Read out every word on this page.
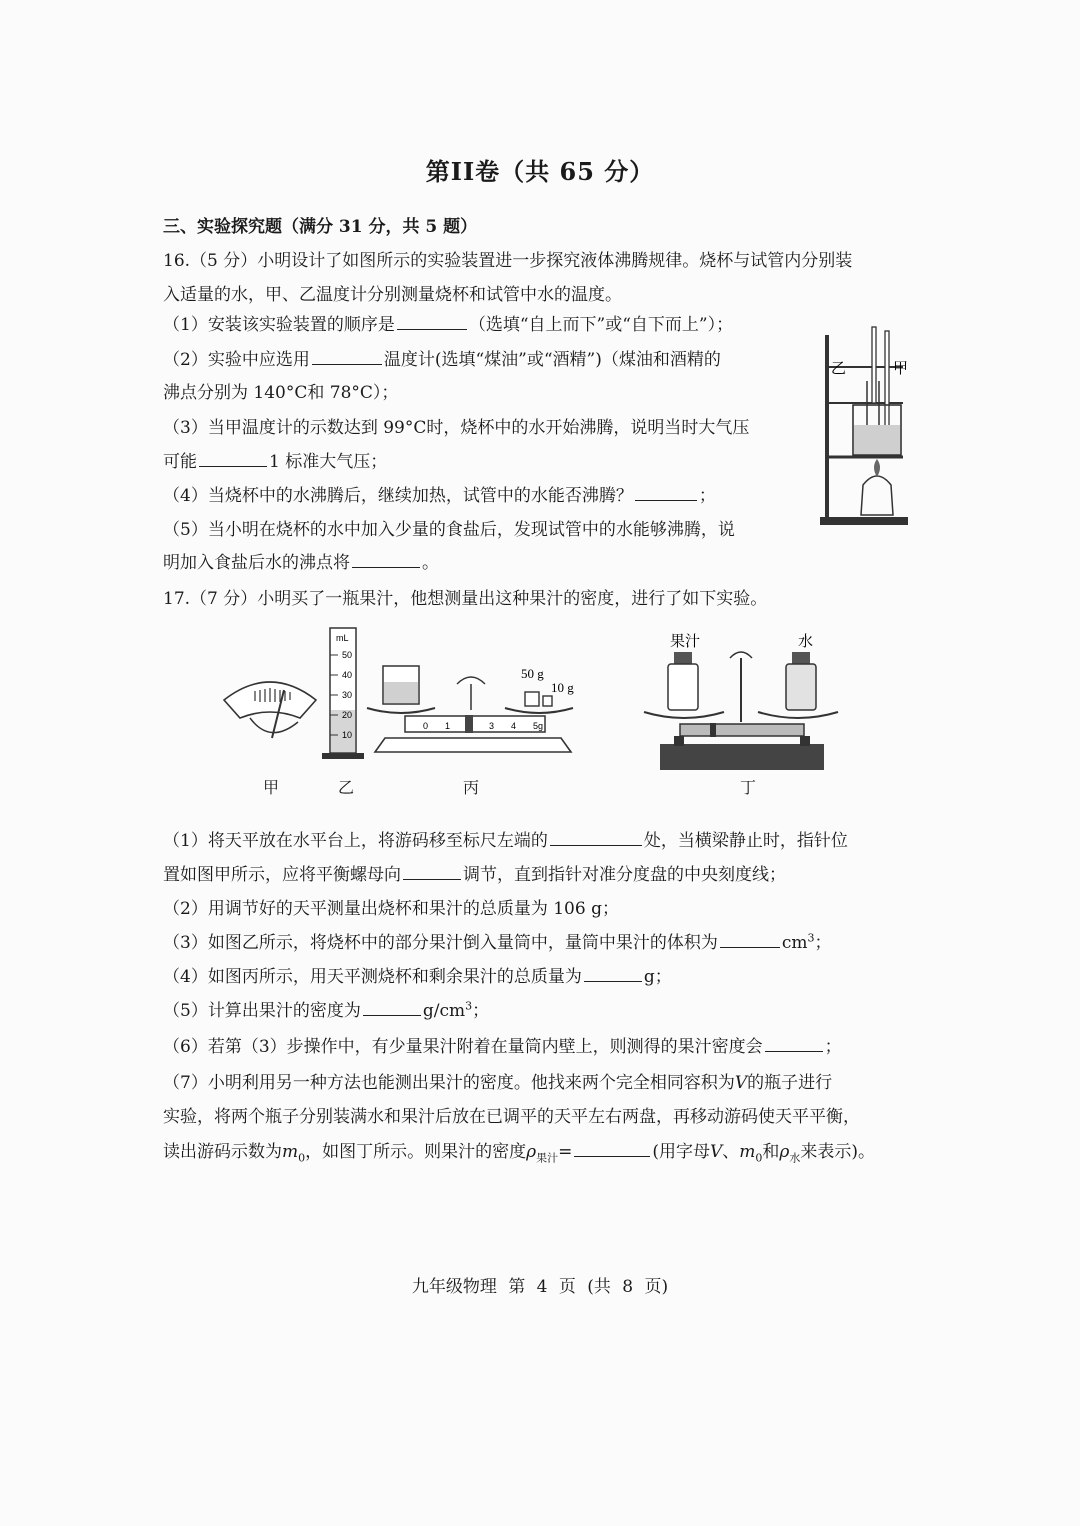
第II卷（共 65 分）
三、实验探究题（满分 31 分，共 5 题）
16.（5 分）小明设计了如图所示的实验装置进一步探究液体沸腾规律。烧杯与试管内分别装
入适量的水，甲、乙温度计分别测量烧杯和试管中水的温度。
（1）安装该实验装置的顺序是	（选填“自上而下”或“自下而上”）；
（2）实验中应选用	温度计(选填“煤油”或“酒精”)（煤油和酒精的
沸点分别为 140°C和 78°C）；
（3）当甲温度计的示数达到 99°C时，烧杯中的水开始沸腾，说明当时大气压
可能	1 标准大气压；
（4）当烧杯中的水沸腾后，继续加热，试管中的水能否沸腾？	；
（5）当小明在烧杯的水中加入少量的食盐后，发现试管中的水能够沸腾，说
明加入食盐后水的沸点将	。
乙	甲
17.（7 分）小明买了一瓶果汁，他想测量出这种果汁的密度，进行了如下实验。
甲
mL
50
40
30
20
10
乙
0 1	3 4 5g
50 g
10 g
丙
果汁	水
丁
（1）将天平放在水平台上，将游码移至标尺左端的	处，当横梁静止时，指针位
置如图甲所示，应将平衡螺母向	调节，直到指针对准分度盘的中央刻度线；
（2）用调节好的天平测量出烧杯和果汁的总质量为 106 g；
（3）如图乙所示，将烧杯中的部分果汁倒入量筒中，量筒中果汁的体积为	$cm^3$；
（4）如图丙所示，用天平测烧杯和剩余果汁的总质量为	g；
（5）计算出果汁的密度为	$g/cm^3$；
（6）若第（3）步操作中，有少量果汁附着在量筒内壁上，则测得的果汁密度会	；
（7）小明利用另一种方法也能测出果汁的密度。他找来两个完全相同容积为V的瓶子进行
实验，将两个瓶子分别装满水和果汁后放在已调平的天平左右两盘，再移动游码使天平平衡，
读出游码示数为$m_0$，如图丁所示。则果汁的密度$\rho_{果汁}=$	(用字母V、$m_0$和$\rho_水$来表示)。
九年级物理 第 4 页 (共 8 页)
